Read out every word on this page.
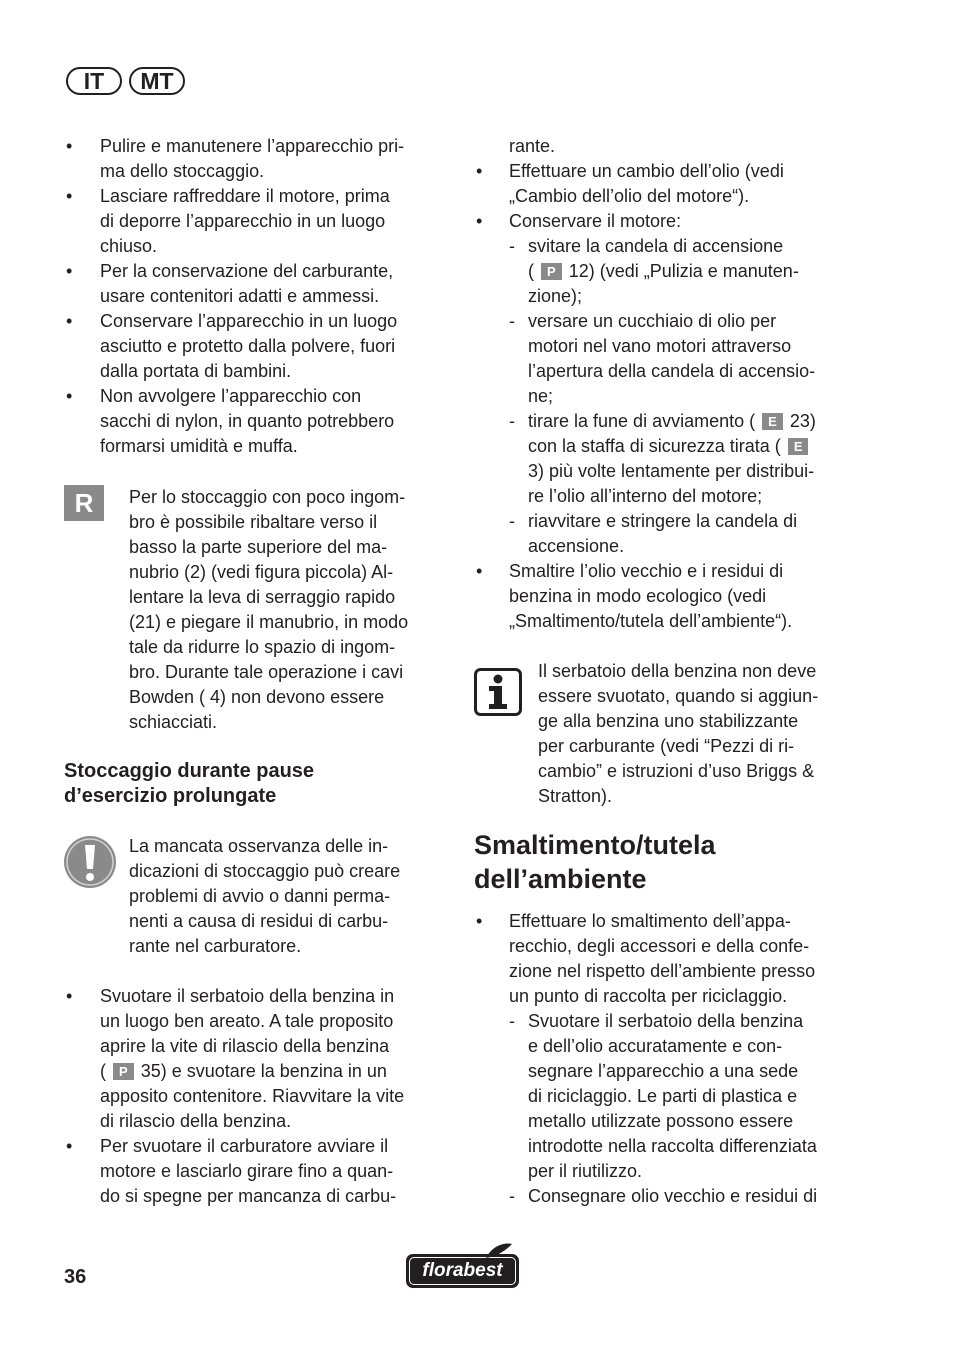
IT	MT
•	Pulire e manutenere l’apparecchio pri-
ma dello stoccaggio.
•	Lasciare raffreddare il motore, prima
di deporre l’apparecchio in un luogo
chiuso.
•	Per la conservazione del carburante,
usare contenitori adatti e ammessi.
•	Conservare l’apparecchio in un luogo
asciutto e protetto dalla polvere, fuori
dalla portata di bambini.
•	Non avvolgere l’apparecchio con
sacchi di nylon, in quanto potrebbero
formarsi umidità e muffa.
R	Per lo stoccaggio con poco ingom-
bro è possibile ribaltare verso il
basso la parte superiore del ma-
nubrio (2) (vedi figura piccola) Al-
lentare la leva di serraggio rapido
(21) e piegare il manubrio, in modo
tale da ridurre lo spazio di ingom-
bro. Durante tale operazione i cavi
Bowden ( 4) non devono essere
schiacciati.
Stoccaggio durante pause
d’esercizio prolungate
La mancata osservanza delle in-
dicazioni di stoccaggio può creare
problemi di avvio o danni perma-
nenti a causa di residui di carbu-
rante nel carburatore.
•	Svuotare il serbatoio della benzina in
un luogo ben areato. A tale proposito
aprire la vite di rilascio della benzina
( P 35) e svuotare la benzina in un
apposito contenitore. Riavvitare la vite
di rilascio della benzina.
•	Per svuotare il carburatore avviare il
motore e lasciarlo girare fino a quan-
do si spegne per mancanza di carbu-
rante.
•	Effettuare un cambio dell’olio (vedi
„Cambio dell’olio del motore“).
•	Conservare il motore:
- svitare la candela di accensione
( P 12) (vedi „Pulizia e manuten-
zione);
- versare un cucchiaio di olio per
motori nel vano motori attraverso
l’apertura della candela di accensio-
ne;
- tirare la fune di avviamento ( E 23)
con la staffa di sicurezza tirata ( E
3) più volte lentamente per distribui-
re l’olio all’interno del motore;
- riavvitare e stringere la candela di
accensione.
•	Smaltire l’olio vecchio e i residui di
benzina in modo ecologico (vedi
„Smaltimento/tutela dell’ambiente“).
Il serbatoio della benzina non deve
essere svuotato, quando si aggiun-
ge alla benzina uno stabilizzante
per carburante (vedi “Pezzi di ri-
cambio” e istruzioni d’uso Briggs &
Stratton).
Smaltimento/tutela
dell’ambiente
•	Effettuare lo smaltimento dell’appa-
recchio, degli accessori e della confe-
zione nel rispetto dell’ambiente presso
un punto di raccolta per riciclaggio.
- Svuotare il serbatoio della benzina
e dell’olio accuratamente e con-
segnare l’apparecchio a una sede
di riciclaggio. Le parti di plastica e
metallo utilizzate possono essere
introdotte nella raccolta differenziata
per il riutilizzo.
- Consegnare olio vecchio e residui di
36	florabest
